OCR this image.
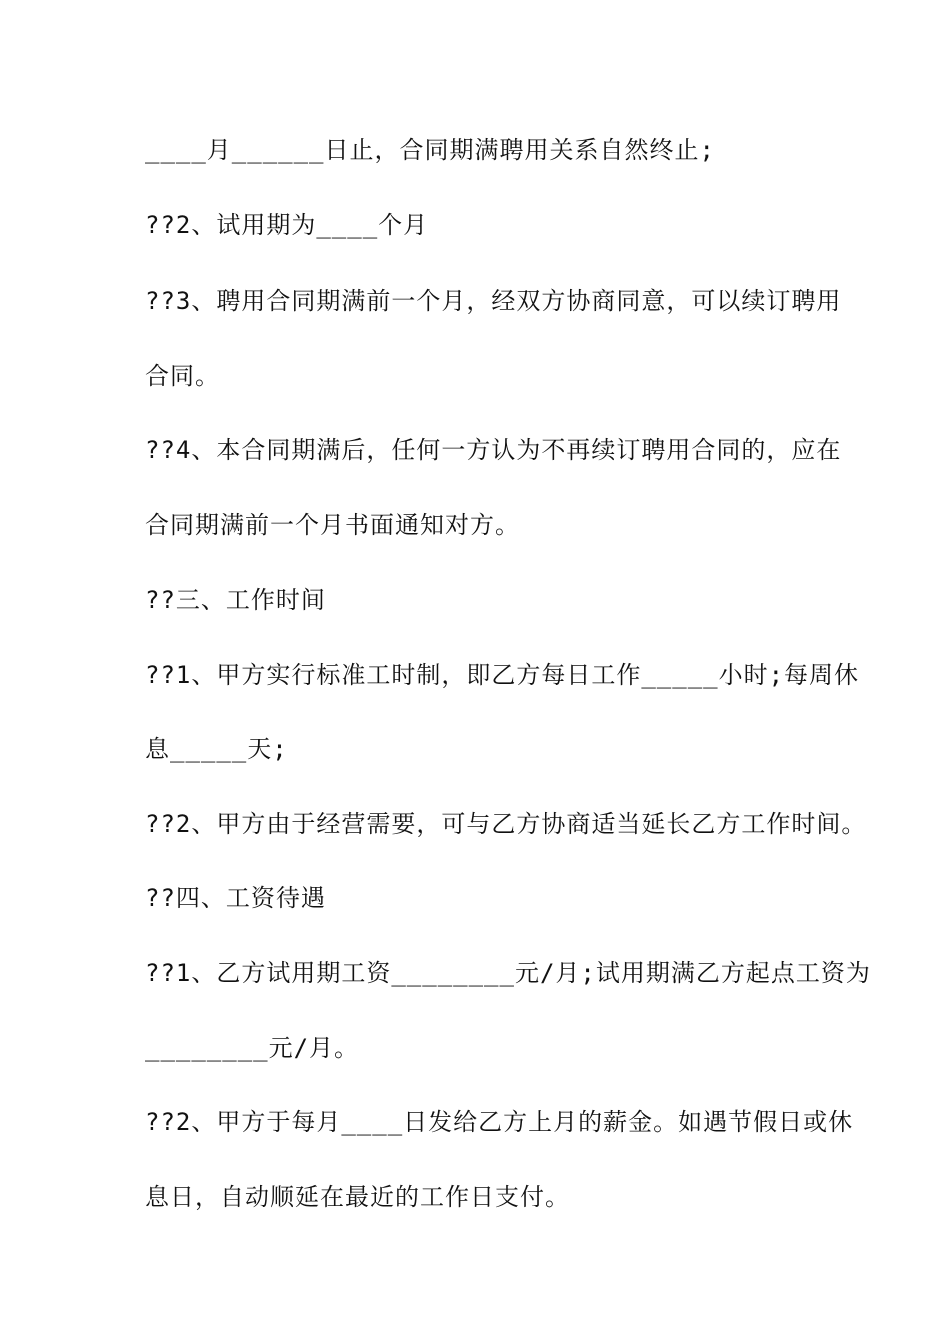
____月______日止，合同期满聘用关系自然终止;
??2、试用期为____个月
??3、聘用合同期满前一个月，经双方协商同意，可以续订聘用
合同。
??4、本合同期满后，任何一方认为不再续订聘用合同的，应在
合同期满前一个月书面通知对方。
??三、工作时间
??1、甲方实行标准工时制，即乙方每日工作_____小时;每周休
息_____天;
??2、甲方由于经营需要，可与乙方协商适当延长乙方工作时间。
??四、工资待遇
??1、乙方试用期工资________元/月;试用期满乙方起点工资为
________元/月。
??2、甲方于每月____日发给乙方上月的薪金。如遇节假日或休
息日，自动顺延在最近的工作日支付。
